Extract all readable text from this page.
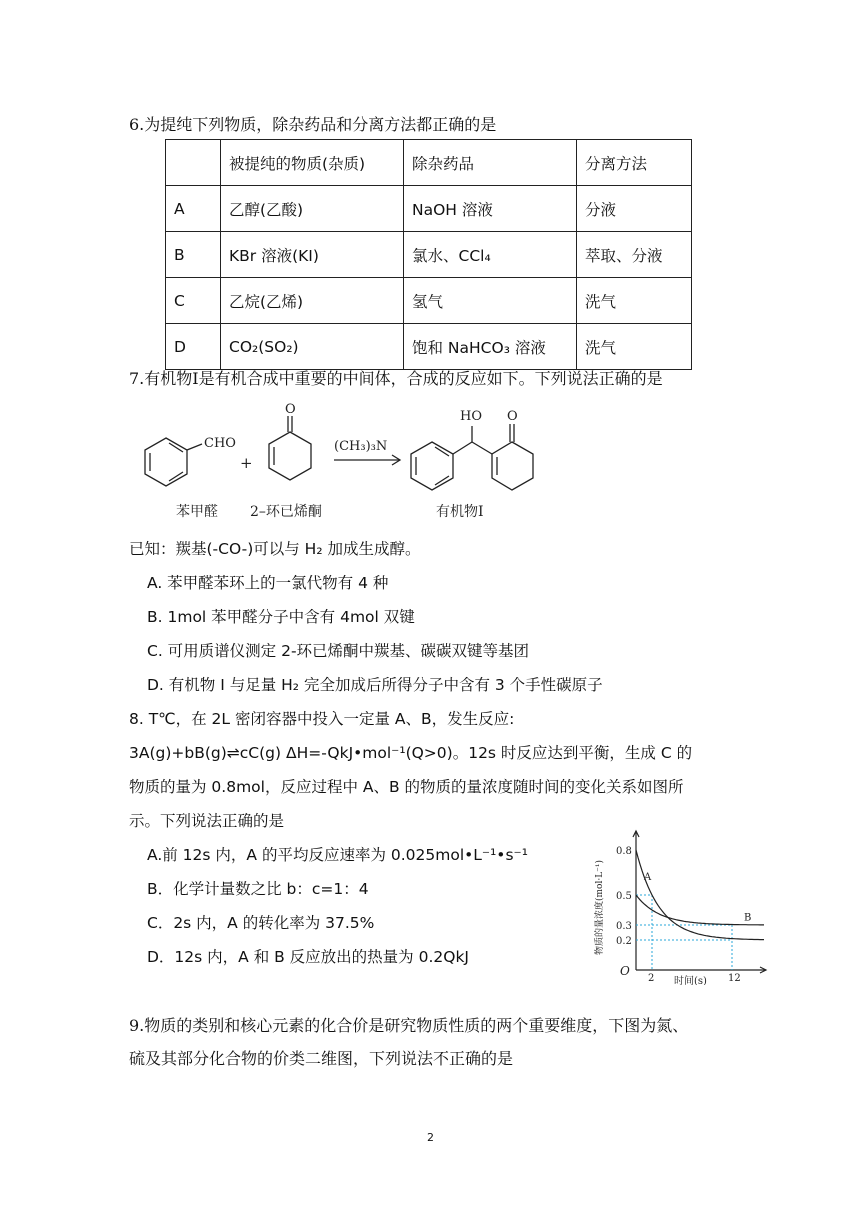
6.为提纯下列物质，除杂药品和分离方法都正确的是
	被提纯的物质(杂质)	除杂药品	分离方法
A	乙醇(乙酸)	NaOH 溶液	分液
B	KBr 溶液(KI)	氯水、CCl₄	萃取、分液
C	乙烷(乙烯)	氢气	洗气
D	CO₂(SO₂)	饱和 NaHCO₃ 溶液	洗气
7.有机物Ⅰ是有机合成中重要的中间体，合成的反应如下。下列说法正确的是
CHO
+
O
(CH₃)₃N
HO O
苯甲醛 2–环已烯酮	有机物Ⅰ
已知：羰基(-CO-)可以与 H₂ 加成生成醇。
A. 苯甲醛苯环上的一氯代物有 4 种
B. 1mol 苯甲醛分子中含有 4mol 双键
C. 可用质谱仪测定 2-环已烯酮中羰基、碳碳双键等基团
D. 有机物 I 与足量 H₂ 完全加成后所得分子中含有 3 个手性碳原子
8. T℃，在 2L 密闭容器中投入一定量 A、B，发生反应:
3A(g)+bB(g)⇌cC(g) ΔH=-QkJ•mol⁻¹(Q>0)。12s 时反应达到平衡，生成 C 的
物质的量为 0.8mol，反应过程中 A、B 的物质的量浓度随时间的变化关系如图所
示。下列说法正确的是
A.前 12s 内，A 的平均反应速率为 0.025mol•L⁻¹•s⁻¹
B．化学计量数之比 b：c=1：4
C．2s 内，A 的转化率为 37.5%
D．12s 内，A 和 B 反应放出的热量为 0.2QkJ
O
时间(s)
物质的量浓度(mol·L⁻¹)
0.8
0.5
0.3
0.2
2	12
A
B
9.物质的类别和核心元素的化合价是研究物质性质的两个重要维度，下图为氮、
硫及其部分化合物的价类二维图，下列说法不正确的是
2
